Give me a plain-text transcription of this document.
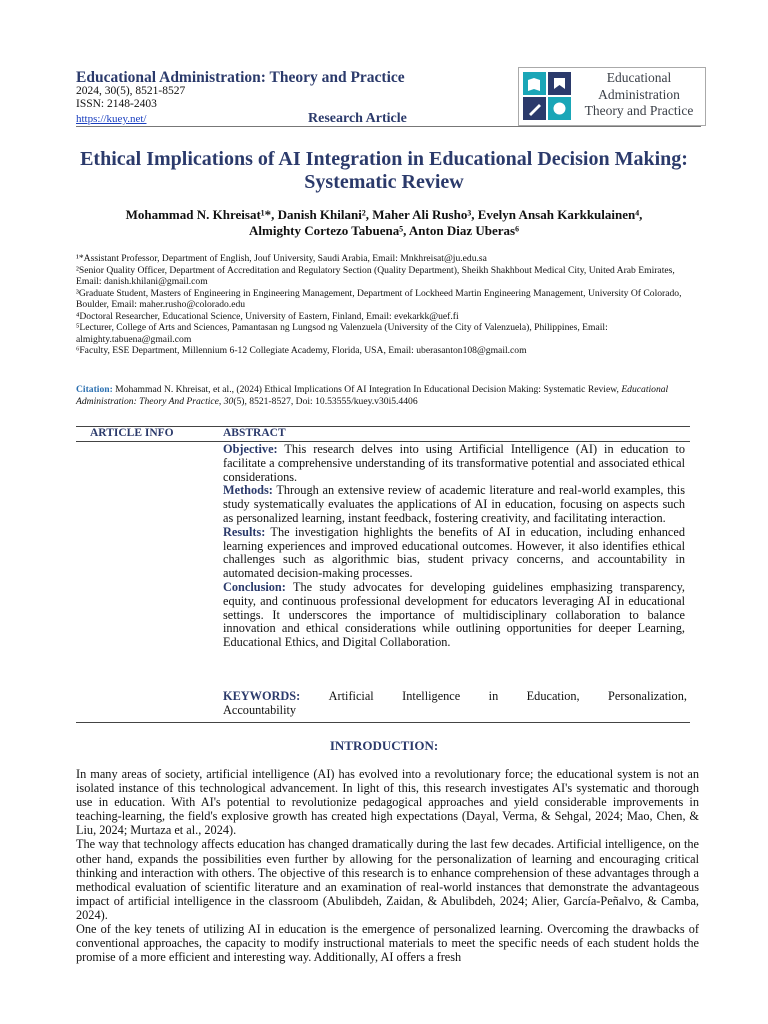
Educational Administration: Theory and Practice
2024, 30(5), 8521-8527
ISSN: 2148-2403
https://kuey.net/	Research Article
Educational
Administration
Theory and Practice
Ethical Implications of AI Integration in Educational Decision Making: Systematic Review
Mohammad N. Khreisat¹*, Danish Khilani², Maher Ali Rusho³, Evelyn Ansah Karkkulainen⁴,
Almighty Cortezo Tabuena⁵, Anton Diaz Uberas⁶
¹*Assistant Professor, Department of English, Jouf University, Saudi Arabia, Email: Mnkhreisat@ju.edu.sa
²Senior Quality Officer, Department of Accreditation and Regulatory Section (Quality Department), Sheikh Shakhbout Medical City, United Arab Emirates, Email: danish.khilani@gmail.com
³Graduate Student, Masters of Engineering in Engineering Management, Department of Lockheed Martin Engineering Management, University Of Colorado, Boulder, Email: maher.rusho@colorado.edu
⁴Doctoral Researcher, Educational Science, University of Eastern, Finland, Email: evekarkk@uef.fi
⁵Lecturer, College of Arts and Sciences, Pamantasan ng Lungsod ng Valenzuela (University of the City of Valenzuela), Philippines, Email: almighty.tabuena@gmail.com
⁶Faculty, ESE Department, Millennium 6-12 Collegiate Academy, Florida, USA, Email: uberasanton108@gmail.com
Citation: Mohammad N. Khreisat, et al., (2024) Ethical Implications Of AI Integration In Educational Decision Making: Systematic Review, Educational Administration: Theory And Practice, 30(5), 8521-8527, Doi: 10.53555/kuey.v30i5.4406
ARTICLE INFO	ABSTRACT

Objective: This research delves into using Artificial Intelligence (AI) in education to facilitate a comprehensive understanding of its transformative potential and associated ethical considerations.

Methods: Through an extensive review of academic literature and real-world examples, this study systematically evaluates the applications of AI in education, focusing on aspects such as personalized learning, instant feedback, fostering creativity, and facilitating interaction.

Results: The investigation highlights the benefits of AI in education, including enhanced learning experiences and improved educational outcomes. However, it also identifies ethical challenges such as algorithmic bias, student privacy concerns, and accountability in automated decision-making processes.

Conclusion: The study advocates for developing guidelines emphasizing transparency, equity, and continuous professional development for educators leveraging AI in educational settings. It underscores the importance of multidisciplinary collaboration to balance innovation and ethical considerations while outlining opportunities for deeper Learning, Educational Ethics, and Digital Collaboration.

KEYWORDS: Artificial Intelligence in Education, Personalization,
Accountability
INTRODUCTION:

In many areas of society, artificial intelligence (AI) has evolved into a revolutionary force; the educational system is not an isolated instance of this technological advancement. In light of this, this research investigates AI's systematic and thorough use in education. With AI's potential to revolutionize pedagogical approaches and yield considerable improvements in teaching-learning, the field's explosive growth has created high expectations (Dayal, Verma, & Sehgal, 2024; Mao, Chen, & Liu, 2024; Murtaza et al., 2024).

The way that technology affects education has changed dramatically during the last few decades. Artificial intelligence, on the other hand, expands the possibilities even further by allowing for the personalization of learning and encouraging critical thinking and interaction with others. The objective of this research is to enhance comprehension of these advantages through a methodical evaluation of scientific literature and an examination of real-world instances that demonstrate the advantageous impact of artificial intelligence in the classroom (Abulibdeh, Zaidan, & Abulibdeh, 2024; Alier, García-Peñalvo, & Camba, 2024).

One of the key tenets of utilizing AI in education is the emergence of personalized learning. Overcoming the drawbacks of conventional approaches, the capacity to modify instructional materials to meet the specific needs of each student holds the promise of a more efficient and interesting way. Additionally, AI offers a fresh
